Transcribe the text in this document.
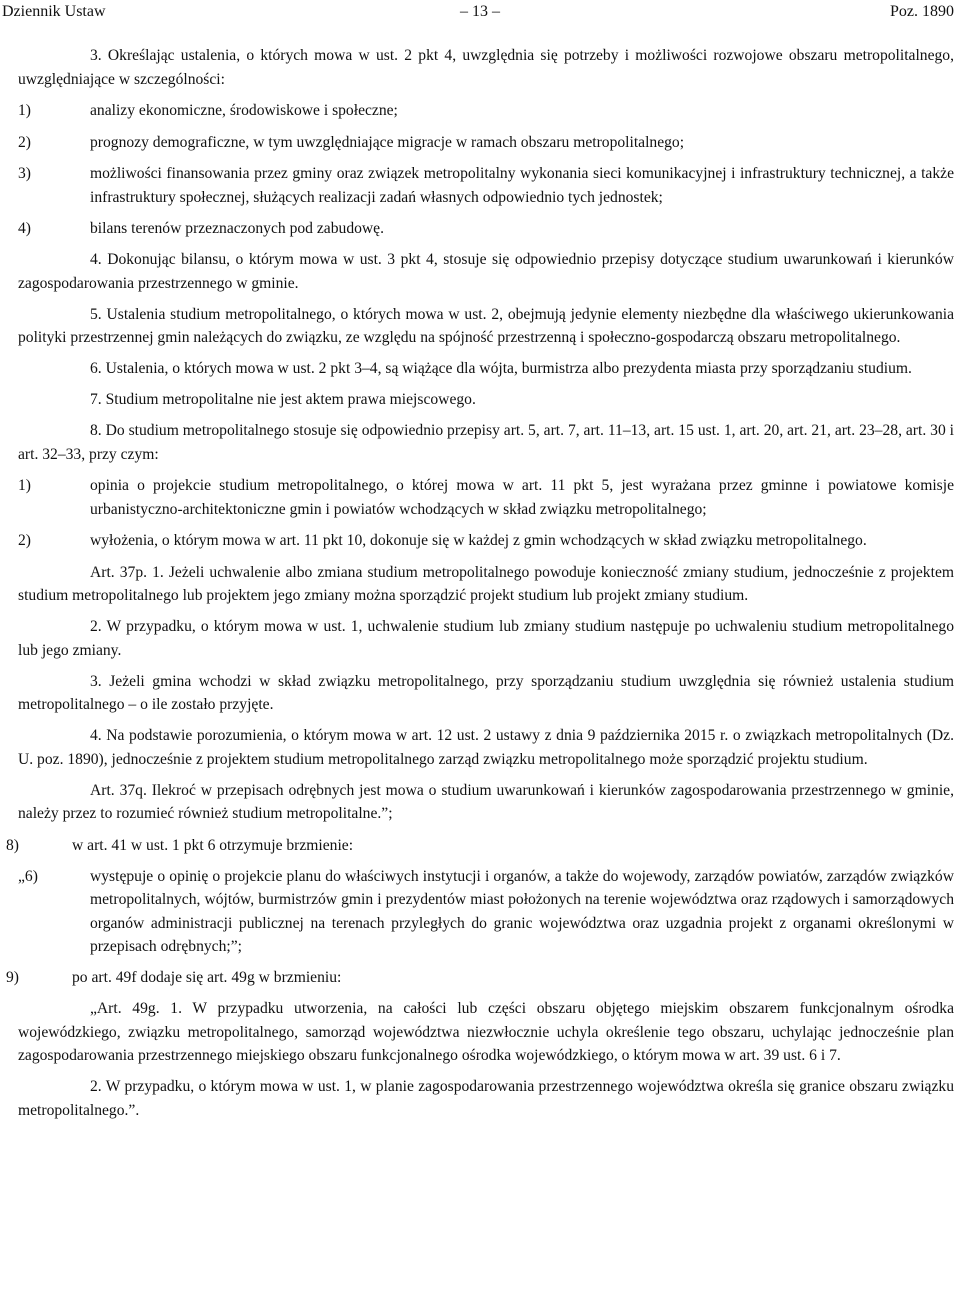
Dziennik Ustaw	– 13 –	Poz. 1890

3. Określając ustalenia, o których mowa w ust. 2 pkt 4, uwzględnia się potrzeby i możliwości rozwojowe obszaru metropolitalnego, uwzględniające w szczególności:

1)	analizy ekonomiczne, środowiskowe i społeczne;

2)	prognozy demograficzne, w tym uwzględniające migracje w ramach obszaru metropolitalnego;

3)	możliwości finansowania przez gminy oraz związek metropolitalny wykonania sieci komunikacyjnej i infrastruktury technicznej, a także infrastruktury społecznej, służących realizacji zadań własnych odpowiednio tych jednostek;

4)	bilans terenów przeznaczonych pod zabudowę.

4. Dokonując bilansu, o którym mowa w ust. 3 pkt 4, stosuje się odpowiednio przepisy dotyczące studium uwarunkowań i kierunków zagospodarowania przestrzennego w gminie.

5. Ustalenia studium metropolitalnego, o których mowa w ust. 2, obejmują jedynie elementy niezbędne dla właściwego ukierunkowania polityki przestrzennej gmin należących do związku, ze względu na spójność przestrzenną i społeczno-gospodarczą obszaru metropolitalnego.

6. Ustalenia, o których mowa w ust. 2 pkt 3–4, są wiążące dla wójta, burmistrza albo prezydenta miasta przy sporządzaniu studium.

7. Studium metropolitalne nie jest aktem prawa miejscowego.

8. Do studium metropolitalnego stosuje się odpowiednio przepisy art. 5, art. 7, art. 11–13, art. 15 ust. 1, art. 20, art. 21, art. 23–28, art. 30 i art. 32–33, przy czym:

1)	opinia o projekcie studium metropolitalnego, o której mowa w art. 11 pkt 5, jest wyrażana przez gminne i powiatowe komisje urbanistyczno-architektoniczne gmin i powiatów wchodzących w skład związku metropolitalnego;

2)	wyłożenia, o którym mowa w art. 11 pkt 10, dokonuje się w każdej z gmin wchodzących w skład związku metropolitalnego.

Art. 37p. 1. Jeżeli uchwalenie albo zmiana studium metropolitalnego powoduje konieczność zmiany studium, jednocześnie z projektem studium metropolitalnego lub projektem jego zmiany można sporządzić projekt studium lub projekt zmiany studium.

2. W przypadku, o którym mowa w ust. 1, uchwalenie studium lub zmiany studium następuje po uchwaleniu studium metropolitalnego lub jego zmiany.

3. Jeżeli gmina wchodzi w skład związku metropolitalnego, przy sporządzaniu studium uwzględnia się również ustalenia studium metropolitalnego – o ile zostało przyjęte.

4. Na podstawie porozumienia, o którym mowa w art. 12 ust. 2 ustawy z dnia 9 października 2015 r. o związkach metropolitalnych (Dz. U. poz. 1890), jednocześnie z projektem studium metropolitalnego zarząd związku metropolitalnego może sporządzić projektu studium.

Art. 37q. Ilekroć w przepisach odrębnych jest mowa o studium uwarunkowań i kierunków zagospodarowania przestrzennego w gminie, należy przez to rozumieć również studium metropolitalne.”;

8)	w art. 41 w ust. 1 pkt 6 otrzymuje brzmienie:

„6)	występuje o opinię o projekcie planu do właściwych instytucji i organów, a także do wojewody, zarządów powiatów, zarządów związków metropolitalnych, wójtów, burmistrzów gmin i prezydentów miast położonych na terenie województwa oraz rządowych i samorządowych organów administracji publicznej na terenach przyległych do granic województwa oraz uzgadnia projekt z organami określonymi w przepisach odrębnych;”;

9)	po art. 49f dodaje się art. 49g w brzmieniu:

„Art. 49g. 1. W przypadku utworzenia, na całości lub części obszaru objętego miejskim obszarem funkcjonalnym ośrodka wojewódzkiego, związku metropolitalnego, samorząd województwa niezwłocznie uchyla określenie tego obszaru, uchylając jednocześnie plan zagospodarowania przestrzennego miejskiego obszaru funkcjonalnego ośrodka wojewódzkiego, o którym mowa w art. 39 ust. 6 i 7.

2. W przypadku, o którym mowa w ust. 1, w planie zagospodarowania przestrzennego województwa określa się granice obszaru związku metropolitalnego.”.
